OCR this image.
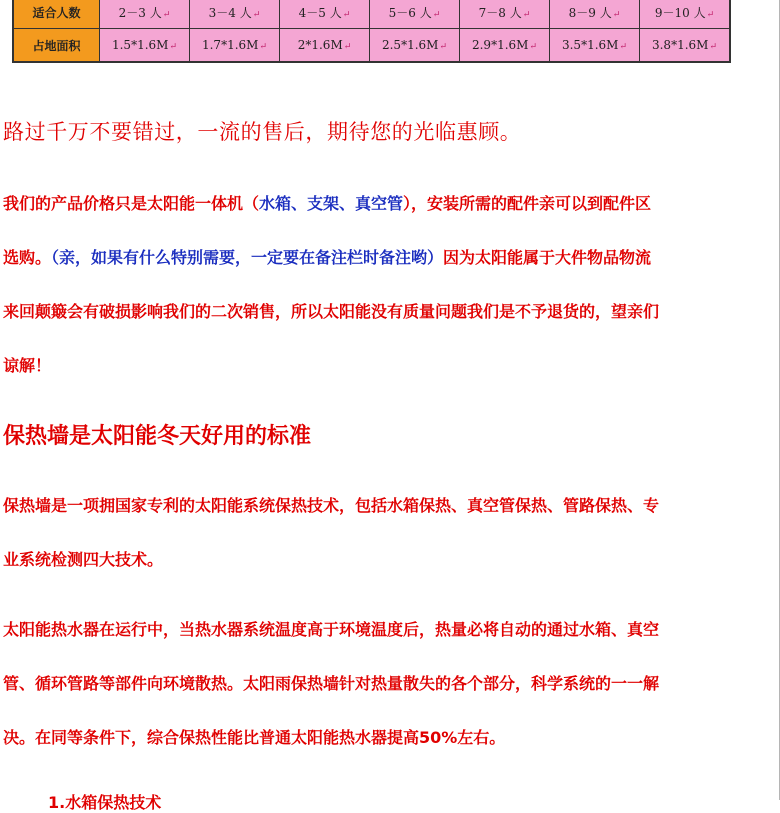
适合人数	2－3 人↵	3－4 人↵	4－5 人↵	5－6 人↵	7－8 人↵	8－9 人↵	9－10 人↵
占地面积	1.5*1.6M↵	1.7*1.6M↵	2*1.6M↵	2.5*1.6M↵	2.9*1.6M↵	3.5*1.6M↵	3.8*1.6M↵

路过千万不要错过，一流的售后，期待您的光临惠顾。

我们的产品价格只是太阳能一体机（水箱、支架、真空管），安装所需的配件亲可以到配件区

选购。（亲，如果有什么特别需要，一定要在备注栏时备注哟）因为太阳能属于大件物品物流

来回颠簸会有破损影响我们的二次销售，所以太阳能没有质量问题我们是不予退货的，望亲们

谅解！

保热墙是太阳能冬天好用的标准

保热墙是一项拥国家专利的太阳能系统保热技术，包括水箱保热、真空管保热、管路保热、专

业系统检测四大技术。

太阳能热水器在运行中，当热水器系统温度高于环境温度后，热量必将自动的通过水箱、真空

管、循环管路等部件向环境散热。太阳雨保热墙针对热量散失的各个部分，科学系统的一一解

决。在同等条件下，综合保热性能比普通太阳能热水器提高50%左右。

1.水箱保热技术
